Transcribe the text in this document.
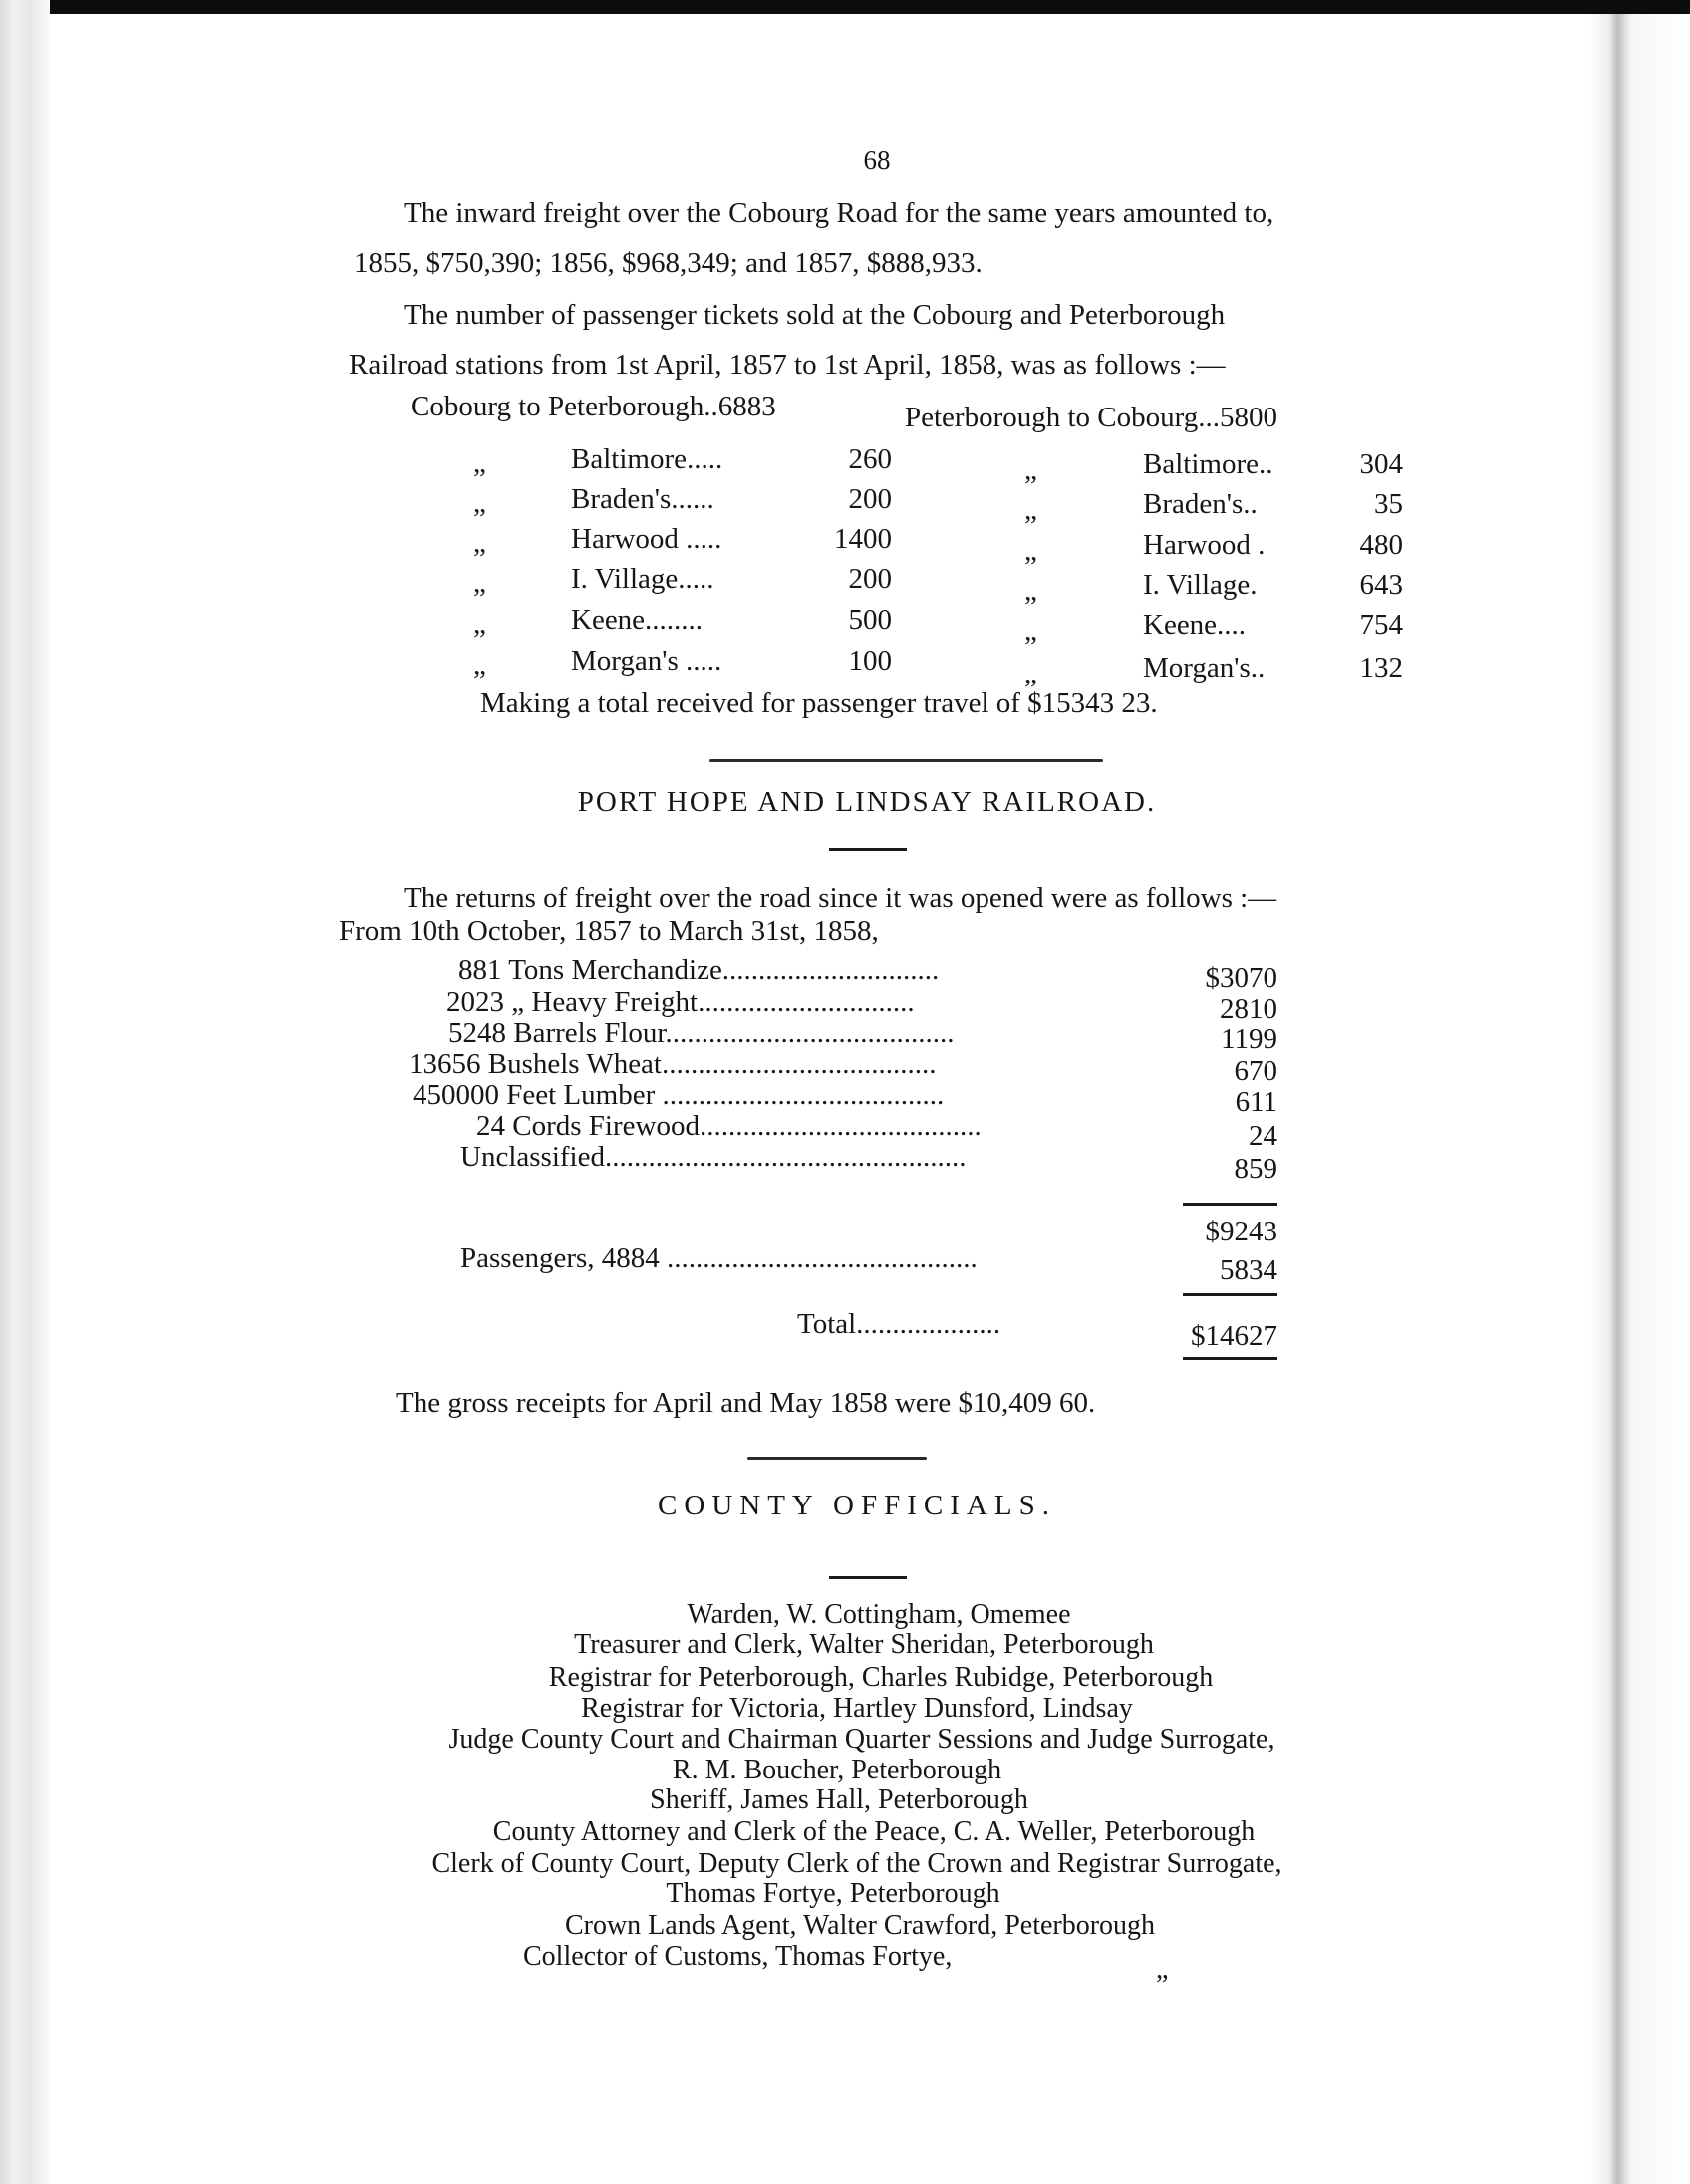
68
The inward freight over the Cobourg Road for the same years amounted to,
1855, $750,390; 1856, $968,349; and 1857, $888,933.
The number of passenger tickets sold at the Cobourg and Peterborough
Railroad stations from 1st April, 1857 to 1st April, 1858, was as follows :—
Cobourg to Peterborough..6883	Peterborough to Cobourg...5800
„	Baltimore.....	260
„	Braden's......	200
„	Harwood .....	1400
„	I. Village.....	200
„	Keene........	500
„	Morgan's .....	100
„	Baltimore..	304
„	Braden's..	35
„	Harwood .	480
„	I. Village.	643
„	Keene....	754
„	Morgan's..	132
Making a total received for passenger travel of $15343 23.
PORT HOPE AND LINDSAY RAILROAD.
The returns of freight over the road since it was opened were as follows :—
From 10th October, 1857 to March 31st, 1858,
881 Tons Merchandize..............................	$3070
2023 „ Heavy Freight..............................	2810
5248 Barrels Flour........................................	1199
13656 Bushels Wheat......................................	670
450000 Feet Lumber .......................................	611
24 Cords Firewood.......................................	24
Unclassified..................................................	859
$9243
Passengers, 4884 ...........................................	5834
Total....................	$14627
The gross receipts for April and May 1858 were $10,409 60.
COUNTY OFFICIALS.
Warden, W. Cottingham, Omemee
Treasurer and Clerk, Walter Sheridan, Peterborough
Registrar for Peterborough, Charles Rubidge, Peterborough
Registrar for Victoria, Hartley Dunsford, Lindsay
Judge County Court and Chairman Quarter Sessions and Judge Surrogate,
R. M. Boucher, Peterborough
Sheriff, James Hall, Peterborough
County Attorney and Clerk of the Peace, C. A. Weller, Peterborough
Clerk of County Court, Deputy Clerk of the Crown and Registrar Surrogate,
Thomas Fortye, Peterborough
Crown Lands Agent, Walter Crawford, Peterborough
Collector of Customs, Thomas Fortye,	„
